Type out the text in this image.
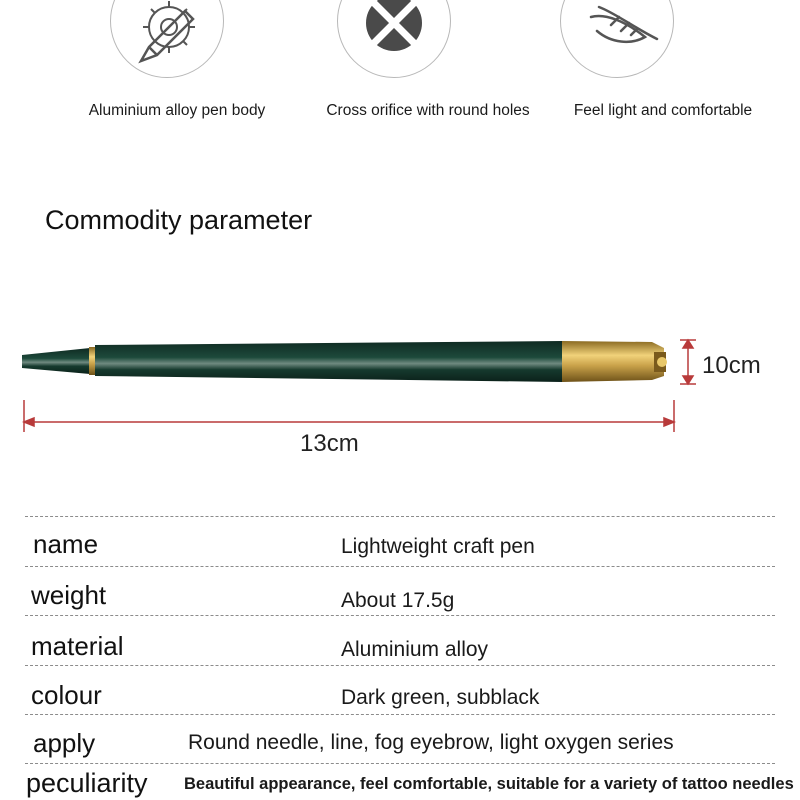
Aluminium alloy pen body	Cross orifice with round holes	Feel light and comfortable
Commodity parameter
10cm
13cm
name	Lightweight craft pen
weight	About 17.5g
material	Aluminium alloy
colour	Dark green, subblack
apply	Round needle, line, fog eyebrow, light oxygen series
peculiarity Beautiful appearance, feel comfortable, suitable for a variety of tattoo needles
